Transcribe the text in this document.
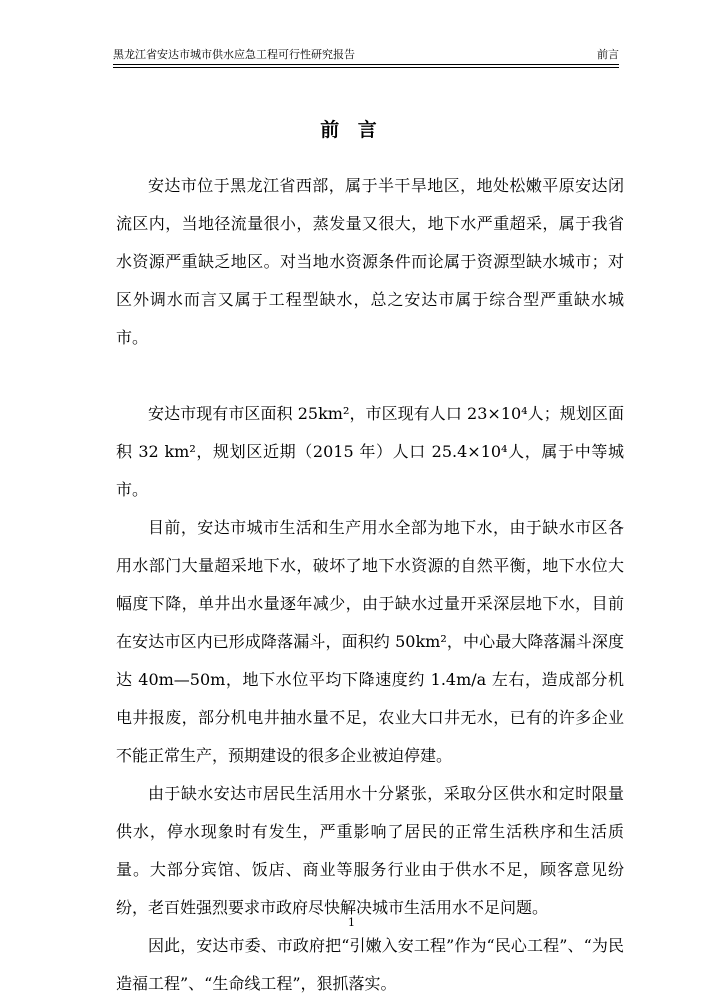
黑龙江省安达市城市供水应急工程可行性研究报告	前言
前 言

安达市位于黑龙江省西部，属于半干旱地区，地处松嫩平原安达闭流区内，当地径流量很小，蒸发量又很大，地下水严重超采，属于我省水资源严重缺乏地区。对当地水资源条件而论属于资源型缺水城市；对区外调水而言又属于工程型缺水，总之安达市属于综合型严重缺水城市。

安达市现有市区面积 25km²，市区现有人口 23×10⁴人；规划区面积 32 km²，规划区近期（2015 年）人口 25.4×10⁴人，属于中等城市。

目前，安达市城市生活和生产用水全部为地下水，由于缺水市区各用水部门大量超采地下水，破坏了地下水资源的自然平衡，地下水位大幅度下降，单井出水量逐年减少，由于缺水过量开采深层地下水，目前在安达市区内已形成降落漏斗，面积约 50km²，中心最大降落漏斗深度达 40m—50m，地下水位平均下降速度约 1.4m/a 左右，造成部分机电井报废，部分机电井抽水量不足，农业大口井无水，已有的许多企业不能正常生产，预期建设的很多企业被迫停建。

由于缺水安达市居民生活用水十分紧张，采取分区供水和定时限量供水，停水现象时有发生，严重影响了居民的正常生活秩序和生活质量。大部分宾馆、饭店、商业等服务行业由于供水不足，顾客意见纷纷，老百姓强烈要求市政府尽快解决城市生活用水不足问题。

因此，安达市委、市政府把“引嫩入安工程”作为“民心工程”、“为民造福工程”、“生命线工程”，狠抓落实。

1
